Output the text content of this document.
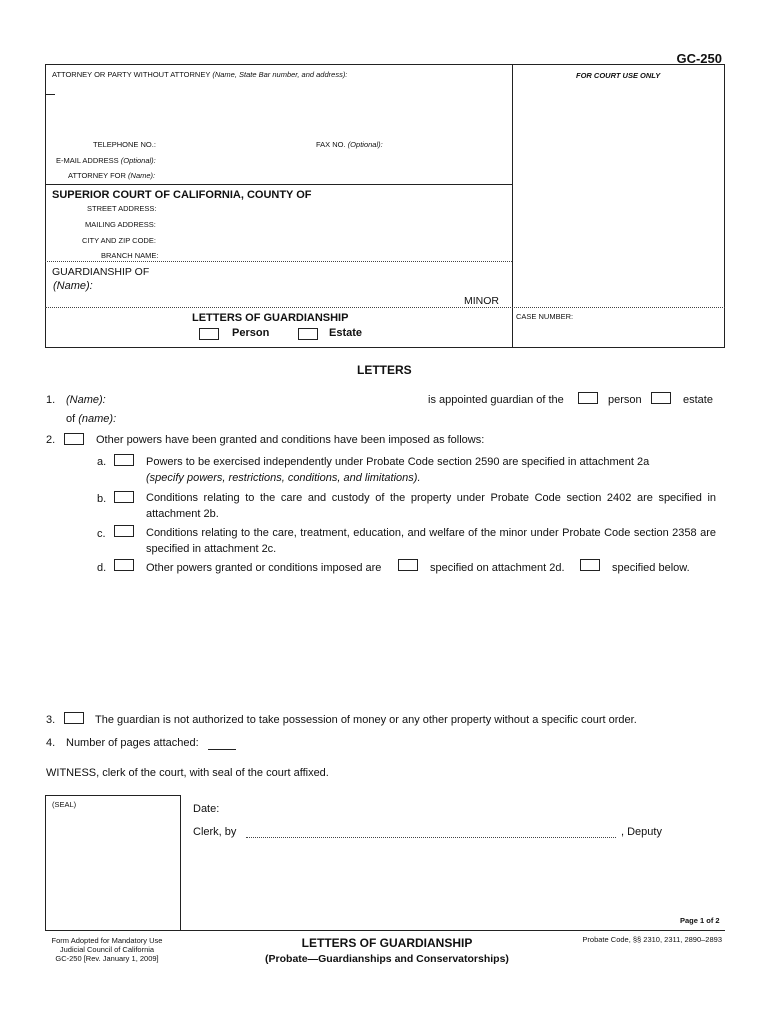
GC-250
ATTORNEY OR PARTY WITHOUT ATTORNEY (Name, State Bar number, and address):	FOR COURT USE ONLY
TELEPHONE NO.:	FAX NO. (Optional):
E-MAIL ADDRESS (Optional):
ATTORNEY FOR (Name):
SUPERIOR COURT OF CALIFORNIA, COUNTY OF
STREET ADDRESS:
MAILING ADDRESS:
CITY AND ZIP CODE:
BRANCH NAME:
GUARDIANSHIP OF
(Name):
MINOR
LETTERS OF GUARDIANSHIP
Person	Estate
CASE NUMBER:
LETTERS
1. (Name):	is appointed guardian of the	person	estate
of (name):
2.	Other powers have been granted and conditions have been imposed as follows:
a.	Powers to be exercised independently under Probate Code section 2590 are specified in attachment 2a
(specify powers, restrictions, conditions, and limitations).
b.	Conditions relating to the care and custody of the property under Probate Code section 2402 are specified in attachment 2b.
c.	Conditions relating to the care, treatment, education, and welfare of the minor under Probate Code section 2358 are specified in attachment 2c.
d.	Other powers granted or conditions imposed are	specified on attachment 2d.	specified below.
3.	The guardian is not authorized to take possession of money or any other property without a specific court order.
4. Number of pages attached:
WITNESS, clerk of the court, with seal of the court affixed.
(SEAL)	Date:
Clerk, by	, Deputy
Page 1 of 2
Form Adopted for Mandatory Use
Judicial Council of California
GC-250 [Rev. January 1, 2009]
LETTERS OF GUARDIANSHIP
(Probate—Guardianships and Conservatorships)
Probate Code, §§ 2310, 2311, 2890–2893
